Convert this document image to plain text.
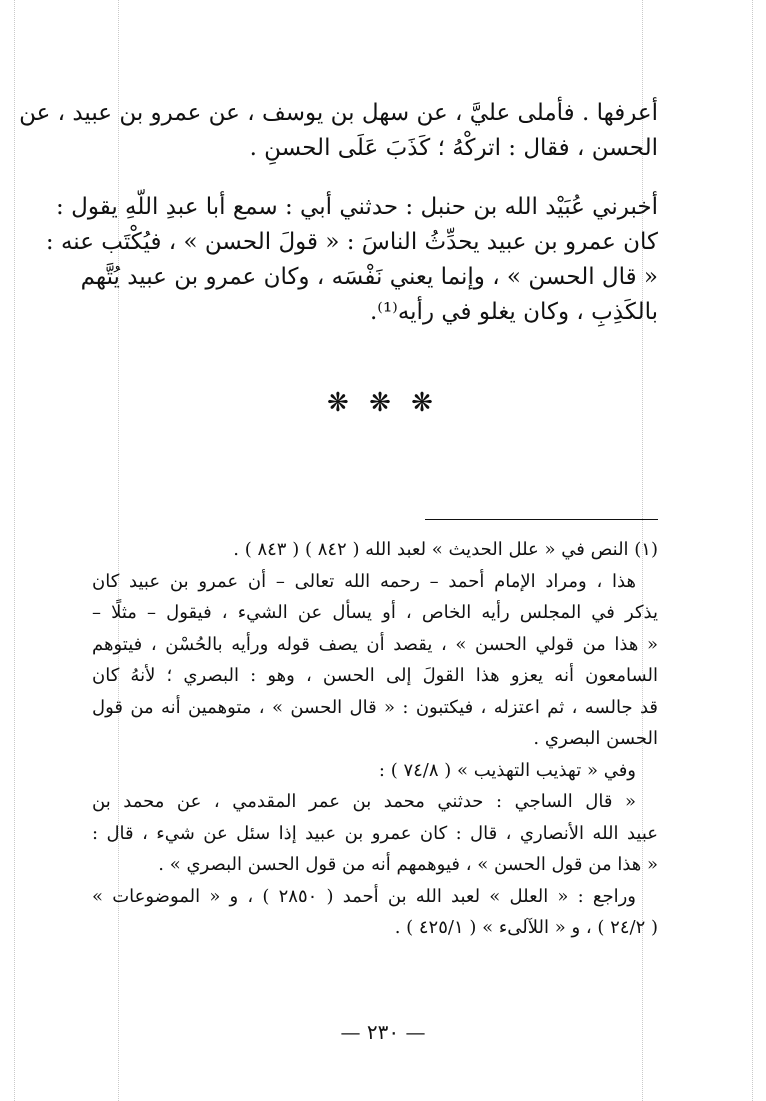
أعرفها . فأملى عليَّ ، عن سهل بن يوسف ، عن عمرو بن عبيد ، عن
الحسن ، فقال : اتركْهُ ؛ كَذَبَ عَلَى الحسنِ .
أخبرني عُبَيْد الله بن حنبل : حدثني أبي : سمع أبا عبدِ اللّهِ يقول :
كان عمرو بن عبيد يحدِّثُ الناسَ : « قولَ الحسن » ، فيُكْتَب عنه :
« قال الحسن » ، وإنما يعني نَفْسَه ، وكان عمرو بن عبيد يُتَّهم
بالكَذِبِ ، وكان يغلو في رأيه⁽¹⁾.
❋ ❋ ❋
(١) النص في « علل الحديث » لعبد الله ( ٨٤٢ ) ( ٨٤٣ ) .
هذا ، ومراد الإمام أحمد – رحمه الله تعالى – أن عمرو بن عبيد كان
يذكر في المجلس رأيه الخاص ، أو يسأل عن الشيء ، فيقول – مثلًا –
« هذا من قولي الحسن » ، يقصد أن يصف قوله ورأيه بالحُسْن ، فيتوهم
السامعون أنه يعزو هذا القولَ إلى الحسن ، وهو : البصري ؛ لأنهُ كان
قد جالسه ، ثم اعتزله ، فيكتبون : « قال الحسن » ، متوهمين أنه من قول
الحسن البصري .
وفي « تهذيب التهذيب » ( ٧٤/٨ ) :
« قال الساجي : حدثني محمد بن عمر المقدمي ، عن محمد بن
عبيد الله الأنصاري ، قال : كان عمرو بن عبيد إذا سئل عن شيء ، قال :
« هذا من قول الحسن » ، فيوهمهم أنه من قول الحسن البصري » .
وراجع : « العلل » لعبد الله بن أحمد ( ٢٨٥٠ ) ، و « الموضوعات »
( ٢٤/٢ ) ، و « اللآلىء » ( ٤٢٥/١ ) .
— ٢٣٠ —
